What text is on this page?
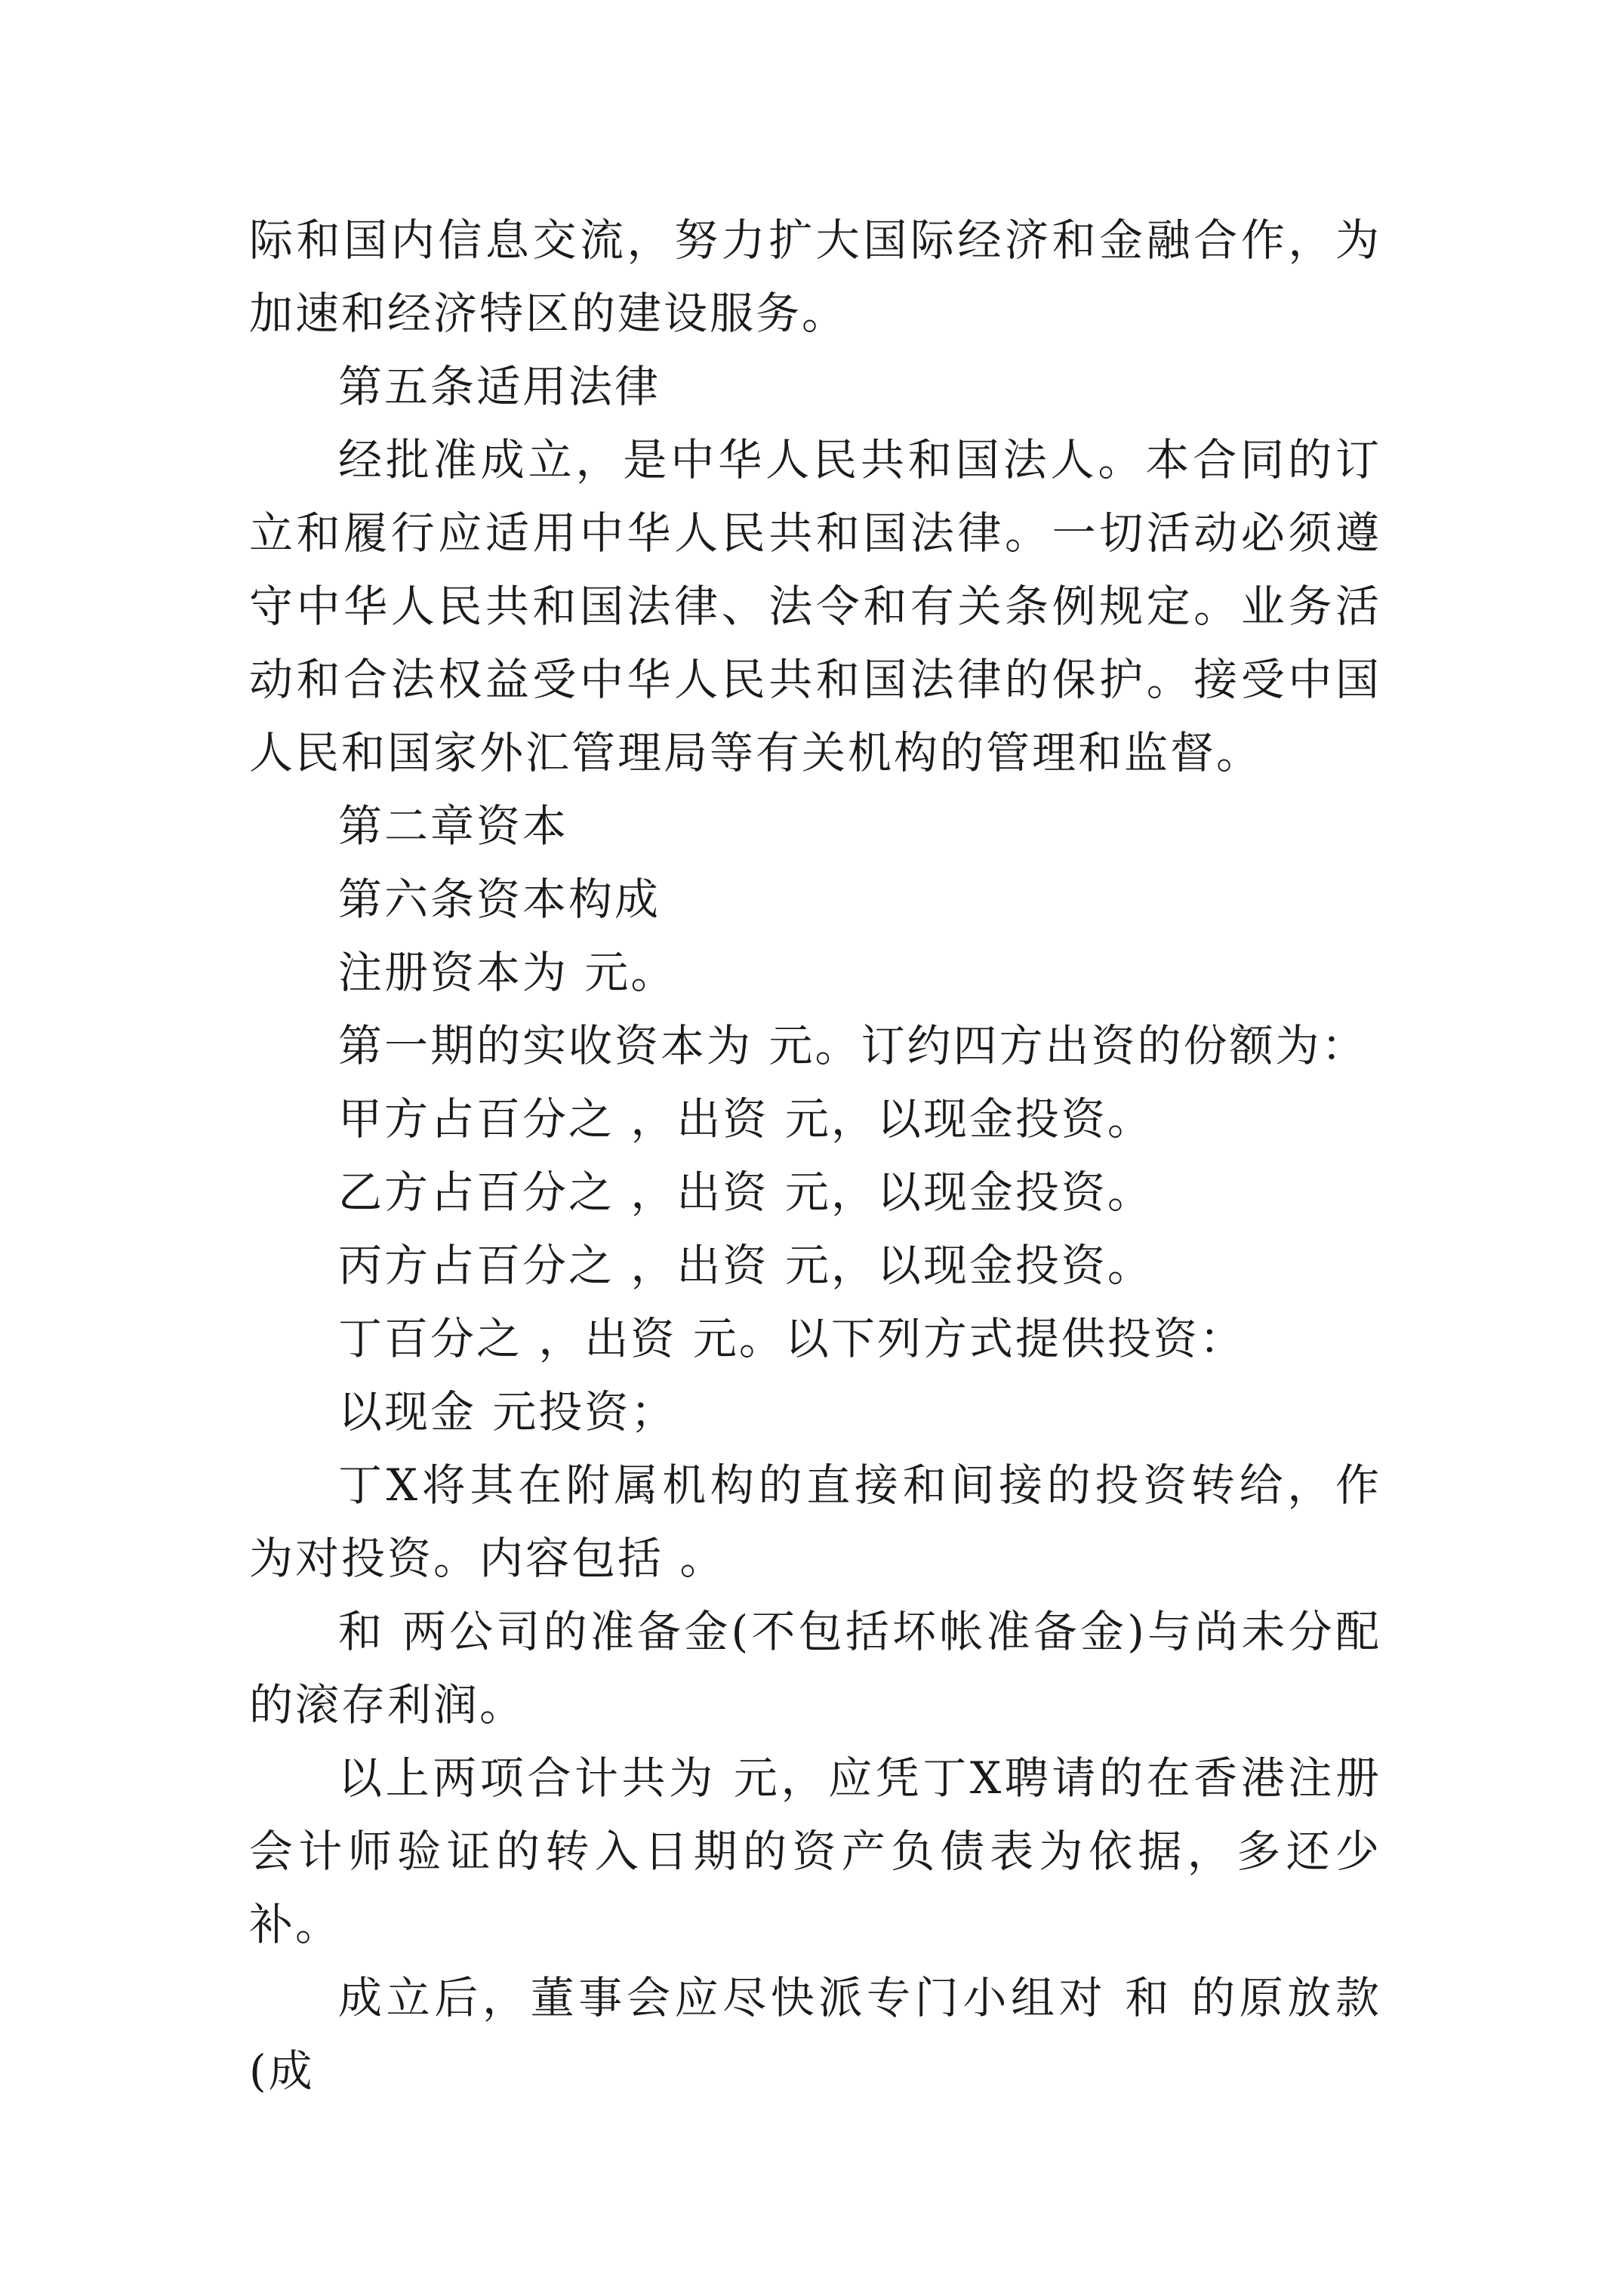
际和国内信息交流，努力扩大国际经济和金融合作，为加速和经济特区的建设服务。

第五条适用法律

经批准成立，是中华人民共和国法人。本合同的订立和履行应适用中华人民共和国法律。一切活动必须遵守中华人民共和国法律、法令和有关条例规定。业务活动和合法权益受中华人民共和国法律的保护。接受中国人民和国家外汇管理局等有关机构的管理和监督。

第二章资本

第六条资本构成

注册资本为 元。

第一期的实收资本为 元。订约四方出资的份额为：

甲方占百分之 ，出资 元，以现金投资。

乙方占百分之 ，出资 元，以现金投资。

丙方占百分之 ，出资 元，以现金投资。

丁百分之 ，出资 元。以下列方式提供投资：

以现金 元投资；

丁X将其在附属机构的直接和间接的投资转给，作为对投资。内容包括 。

和 两公司的准备金(不包括坏帐准备金)与尚未分配的滚存利润。

以上两项合计共为 元，应凭丁X聘请的在香港注册会计师验证的转入日期的资产负债表为依据，多还少补。

成立后，董事会应尽快派专门小组对 和 的原放款(成
